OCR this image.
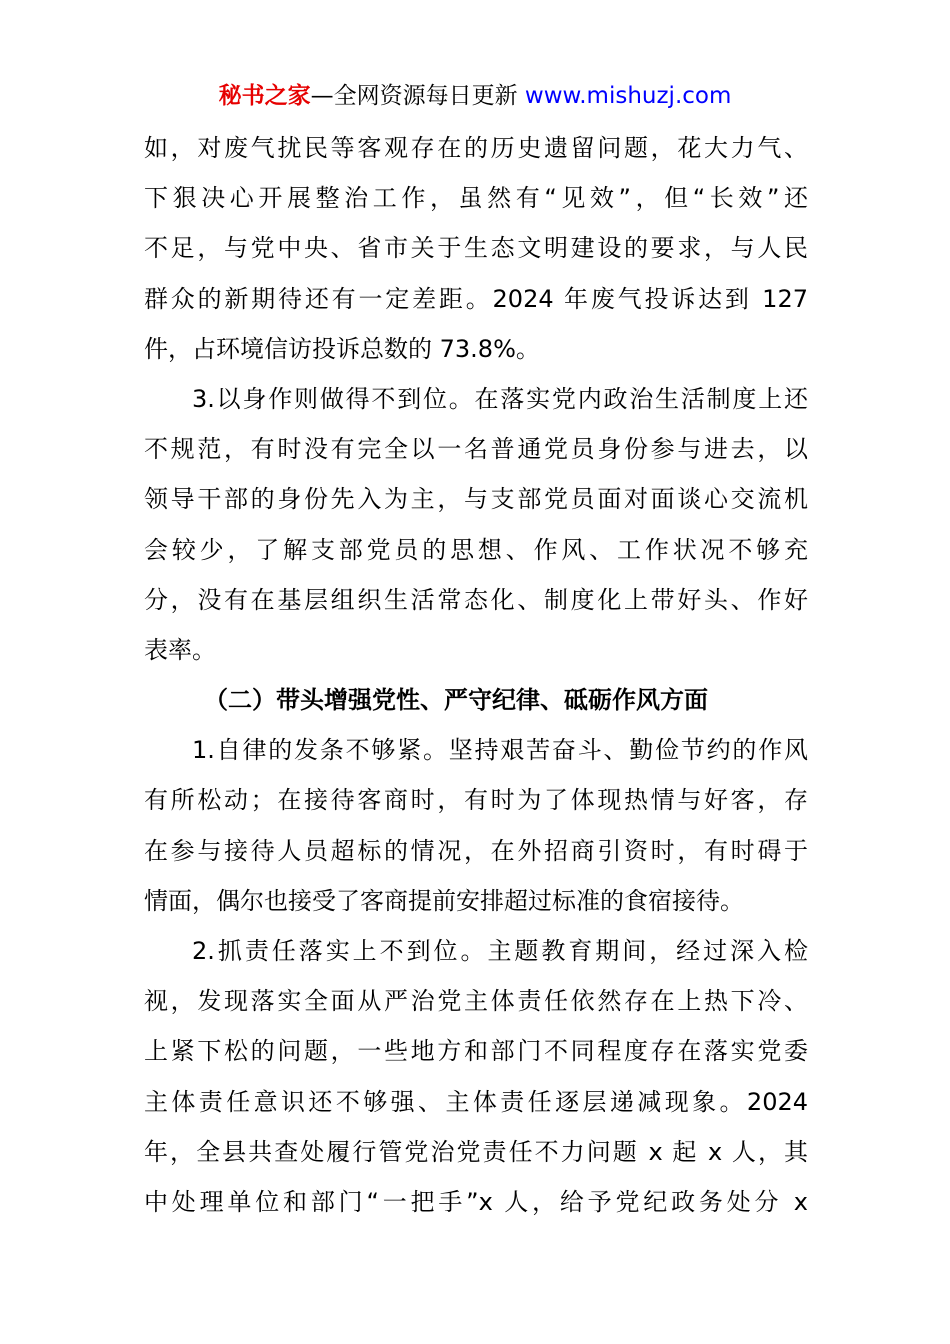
秘书之家—全网资源每日更新 www.mishuzj.com
如，对废气扰民等客观存在的历史遗留问题，花大力气、
下狠决心开展整治工作，虽然有“见效”，但“长效”还
不足，与党中央、省市关于生态文明建设的要求，与人民
群众的新期待还有一定差距。2024 年废气投诉达到 127
件，占环境信访投诉总数的 73.8%。
3.以身作则做得不到位。在落实党内政治生活制度上还
不规范，有时没有完全以一名普通党员身份参与进去，以
领导干部的身份先入为主，与支部党员面对面谈心交流机
会较少，了解支部党员的思想、作风、工作状况不够充
分，没有在基层组织生活常态化、制度化上带好头、作好
表率。
（二）带头增强党性、严守纪律、砥砺作风方面
1.自律的发条不够紧。坚持艰苦奋斗、勤俭节约的作风
有所松动；在接待客商时，有时为了体现热情与好客，存
在参与接待人员超标的情况，在外招商引资时，有时碍于
情面，偶尔也接受了客商提前安排超过标准的食宿接待。
2.抓责任落实上不到位。主题教育期间，经过深入检
视，发现落实全面从严治党主体责任依然存在上热下冷、
上紧下松的问题，一些地方和部门不同程度存在落实党委
主体责任意识还不够强、主体责任逐层递减现象。2024
年，全县共查处履行管党治党责任不力问题 x 起 x 人，其
中处理单位和部门“一把手”x 人，给予党纪政务处分 x
